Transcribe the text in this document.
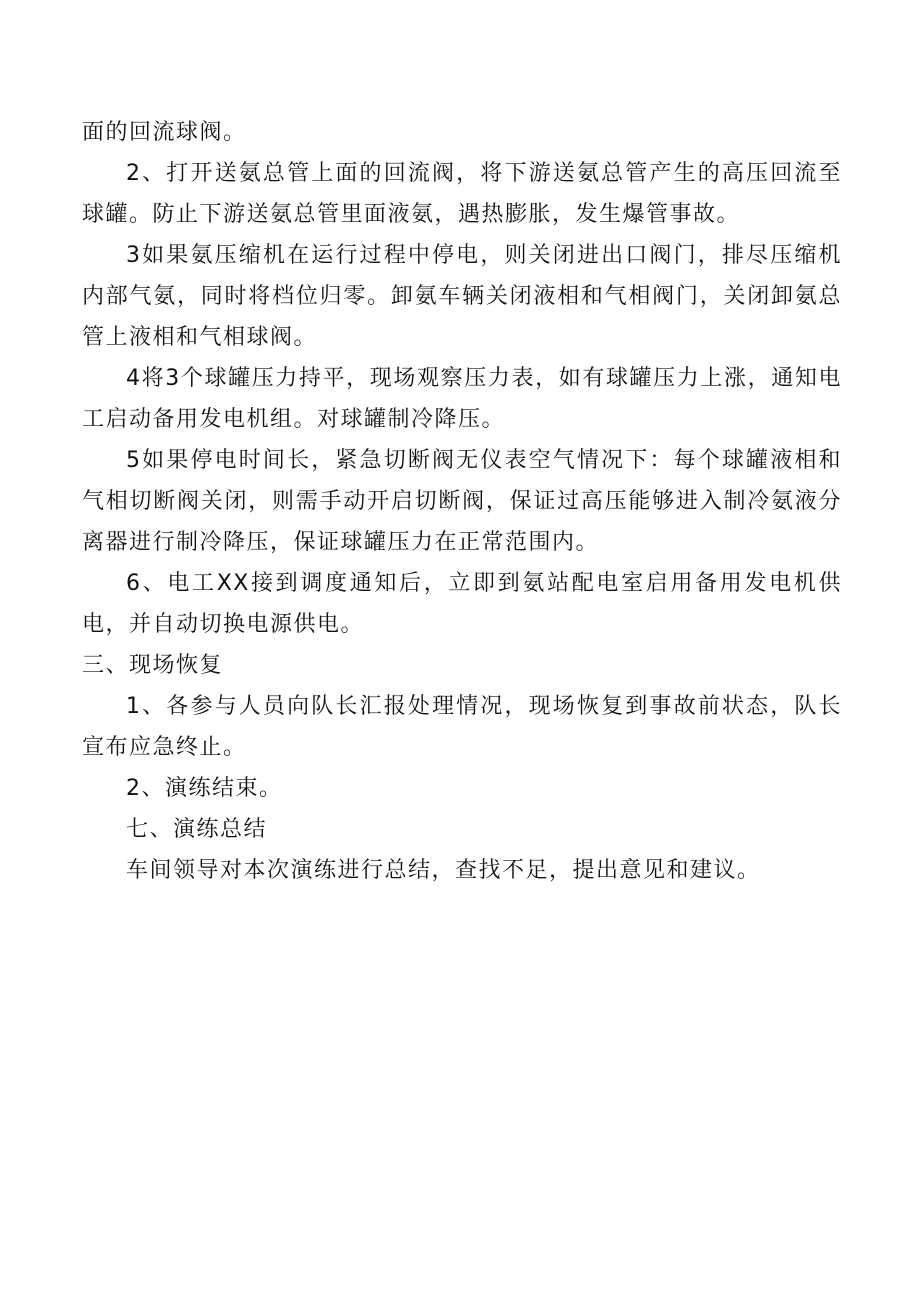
面的回流球阀。

2、打开送氨总管上面的回流阀，将下游送氨总管产生的高压回流至球罐。防止下游送氨总管里面液氨，遇热膨胀，发生爆管事故。

3如果氨压缩机在运行过程中停电，则关闭进出口阀门，排尽压缩机内部气氨，同时将档位归零。卸氨车辆关闭液相和气相阀门，关闭卸氨总管上液相和气相球阀。

4将3个球罐压力持平，现场观察压力表，如有球罐压力上涨，通知电工启动备用发电机组。对球罐制冷降压。

5如果停电时间长，紧急切断阀无仪表空气情况下：每个球罐液相和气相切断阀关闭，则需手动开启切断阀，保证过高压能够进入制冷氨液分离器进行制冷降压，保证球罐压力在正常范围内。

6、电工XX接到调度通知后，立即到氨站配电室启用备用发电机供电，并自动切换电源供电。

三、现场恢复

1、各参与人员向队长汇报处理情况，现场恢复到事故前状态，队长宣布应急终止。

2、演练结束。

七、演练总结

车间领导对本次演练进行总结，查找不足，提出意见和建议。
